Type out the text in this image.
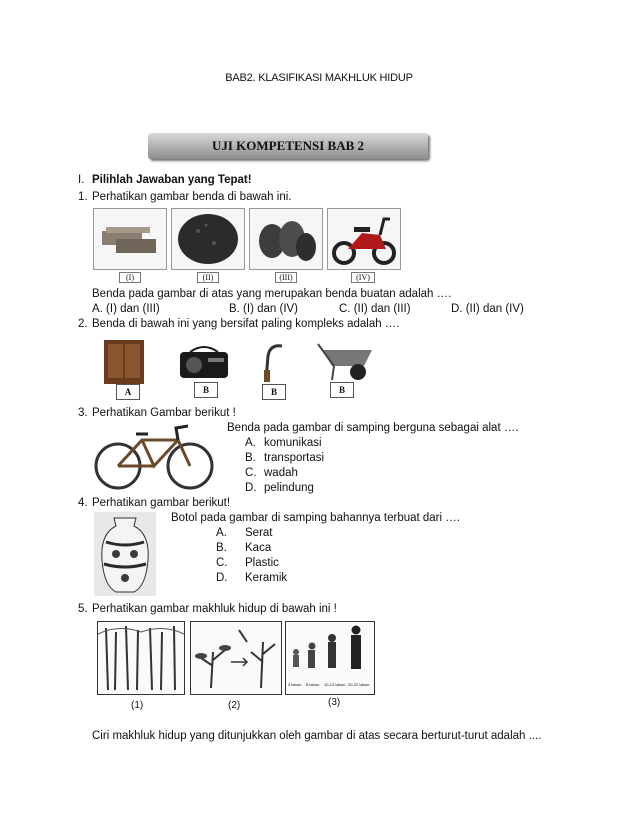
BAB2. KLASIFIKASI MAKHLUK HIDUP
UJI KOMPETENSI BAB 2
I. Pilihlah Jawaban yang Tepat!
1. Perhatikan gambar benda di bawah ini.
(I)	(II)	(III)	(IV)
Benda pada gambar di atas yang merupakan benda buatan adalah ….
A. (I) dan (III)	B. (I) dan (IV)	C. (II) dan (III)	D. (II) dan (IV)
2. Benda di bawah ini yang bersifat paling kompleks adalah ….
A	B	B	B
3. Perhatikan Gambar berikut !
Benda pada gambar di samping berguna sebagai alat ….
A. komunikasi
B. transportasi
C. wadah
D. pelindung
4. Perhatikan gambar berikut!
Botol pada gambar di samping bahannya terbuat dari ….
A. Serat
B. Kaca
C. Plastic
D. Keramik
5. Perhatikan gambar makhluk hidup di bawah ini !
3 tahun 8 tahun 10-12 tahun 20-22 tahun
(1)	(2)	(3)
Ciri makhluk hidup yang ditunjukkan oleh gambar di atas secara berturut-turut adalah ....
